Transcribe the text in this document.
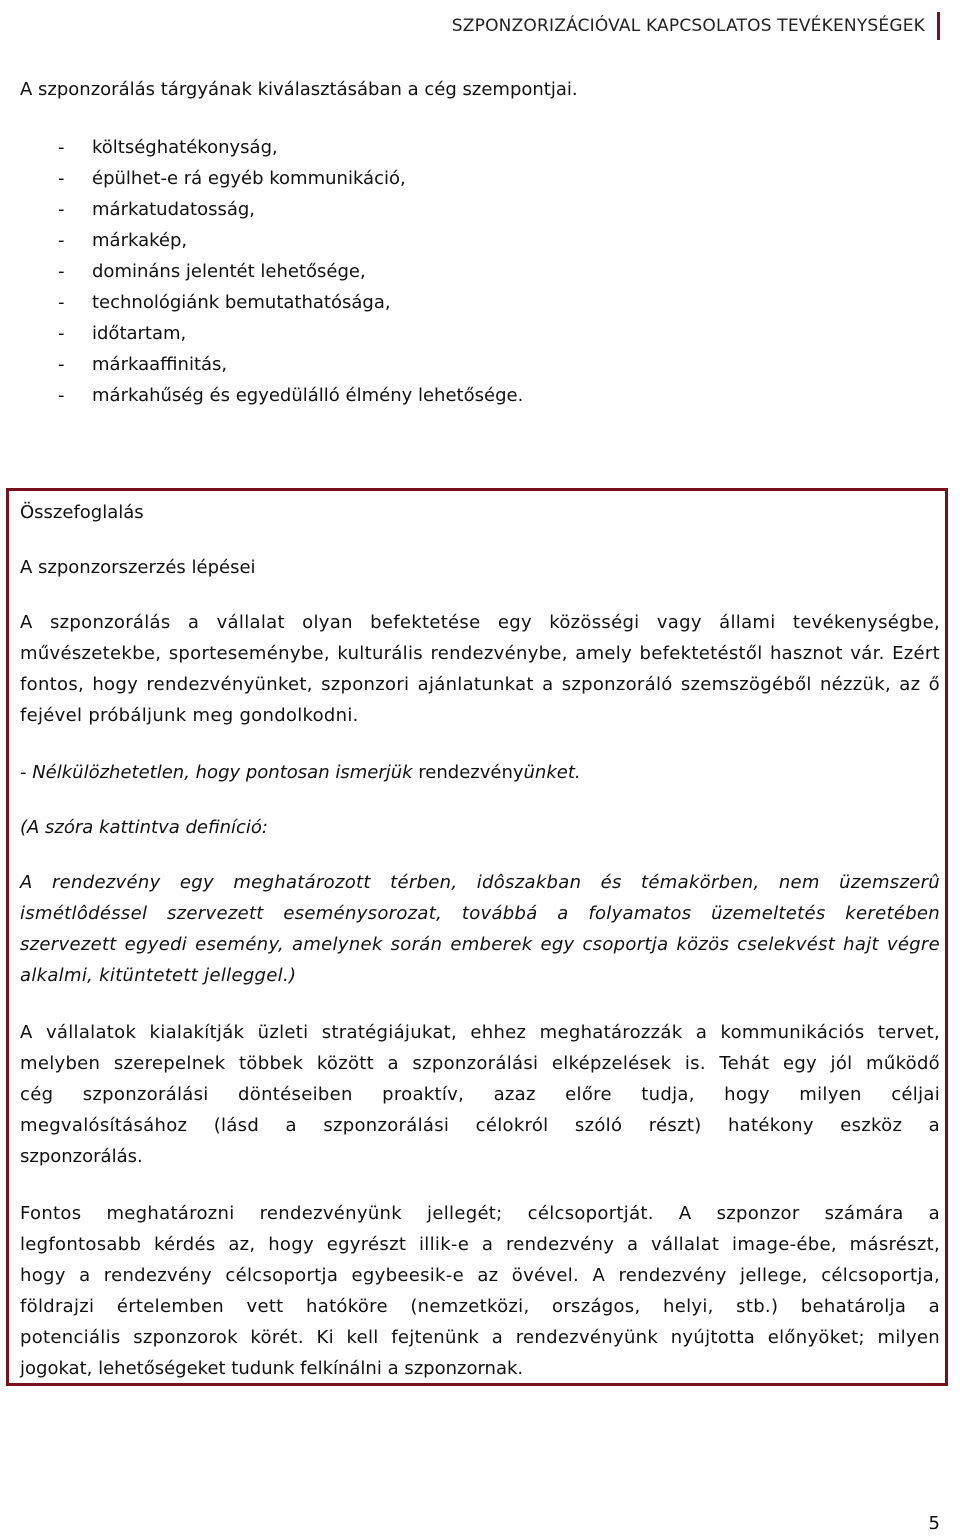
SZPONZORIZÁCIÓVAL KAPCSOLATOS TEVÉKENYSÉGEK

A szponzorálás tárgyának kiválasztásában a cég szempontjai.

- költséghatékonyság,
- épülhet-e rá egyéb kommunikáció,
- márkatudatosság,
- márkakép,
- domináns jelentét lehetősége,
- technológiánk bemutathatósága,
- időtartam,
- márkaaffinitás,
- márkahűség és egyedülálló élmény lehetősége.

Összefoglalás

A szponzorszerzés lépései

A szponzorálás a vállalat olyan befektetése egy közösségi vagy állami tevékenységbe, művészetekbe, sporteseménybe, kulturális rendezvénybe, amely befektetéstől hasznot vár. Ezért fontos, hogy rendezvényünket, szponzori ajánlatunkat a szponzoráló szemszögéből nézzük, az ő fejével próbáljunk meg gondolkodni.

- Nélkülözhetetlen, hogy pontosan ismerjük rendezvényünket.

(A szóra kattintva definíció:

A rendezvény egy meghatározott térben, idôszakban és témakörben, nem üzemszerû ismétlôdéssel szervezett eseménysorozat, továbbá a folyamatos üzemeltetés keretében szervezett egyedi esemény, amelynek során emberek egy csoportja közös cselekvést hajt végre alkalmi, kitüntetett jelleggel.)

A vállalatok kialakítják üzleti stratégiájukat, ehhez meghatározzák a kommunikációs tervet,
melyben szerepelnek többek között a szponzorálási elképzelések is. Tehát egy jól működő
cég szponzorálási döntéseiben proaktív, azaz előre tudja, hogy milyen céljai
megvalósításához (lásd a szponzorálási célokról szóló részt) hatékony eszköz a
szponzorálás.
Fontos meghatározni rendezvényünk jellegét; célcsoportját. A szponzor számára a
legfontosabb kérdés az, hogy egyrészt illik-e a rendezvény a vállalat image-ébe, másrészt,
hogy a rendezvény célcsoportja egybeesik-e az övével. A rendezvény jellege, célcsoportja,
földrajzi értelemben vett hatóköre (nemzetközi, országos, helyi, stb.) behatárolja a
potenciális szponzorok körét. Ki kell fejtenünk a rendezvényünk nyújtotta előnyöket; milyen
jogokat, lehetőségeket tudunk felkínálni a szponzornak.
5
